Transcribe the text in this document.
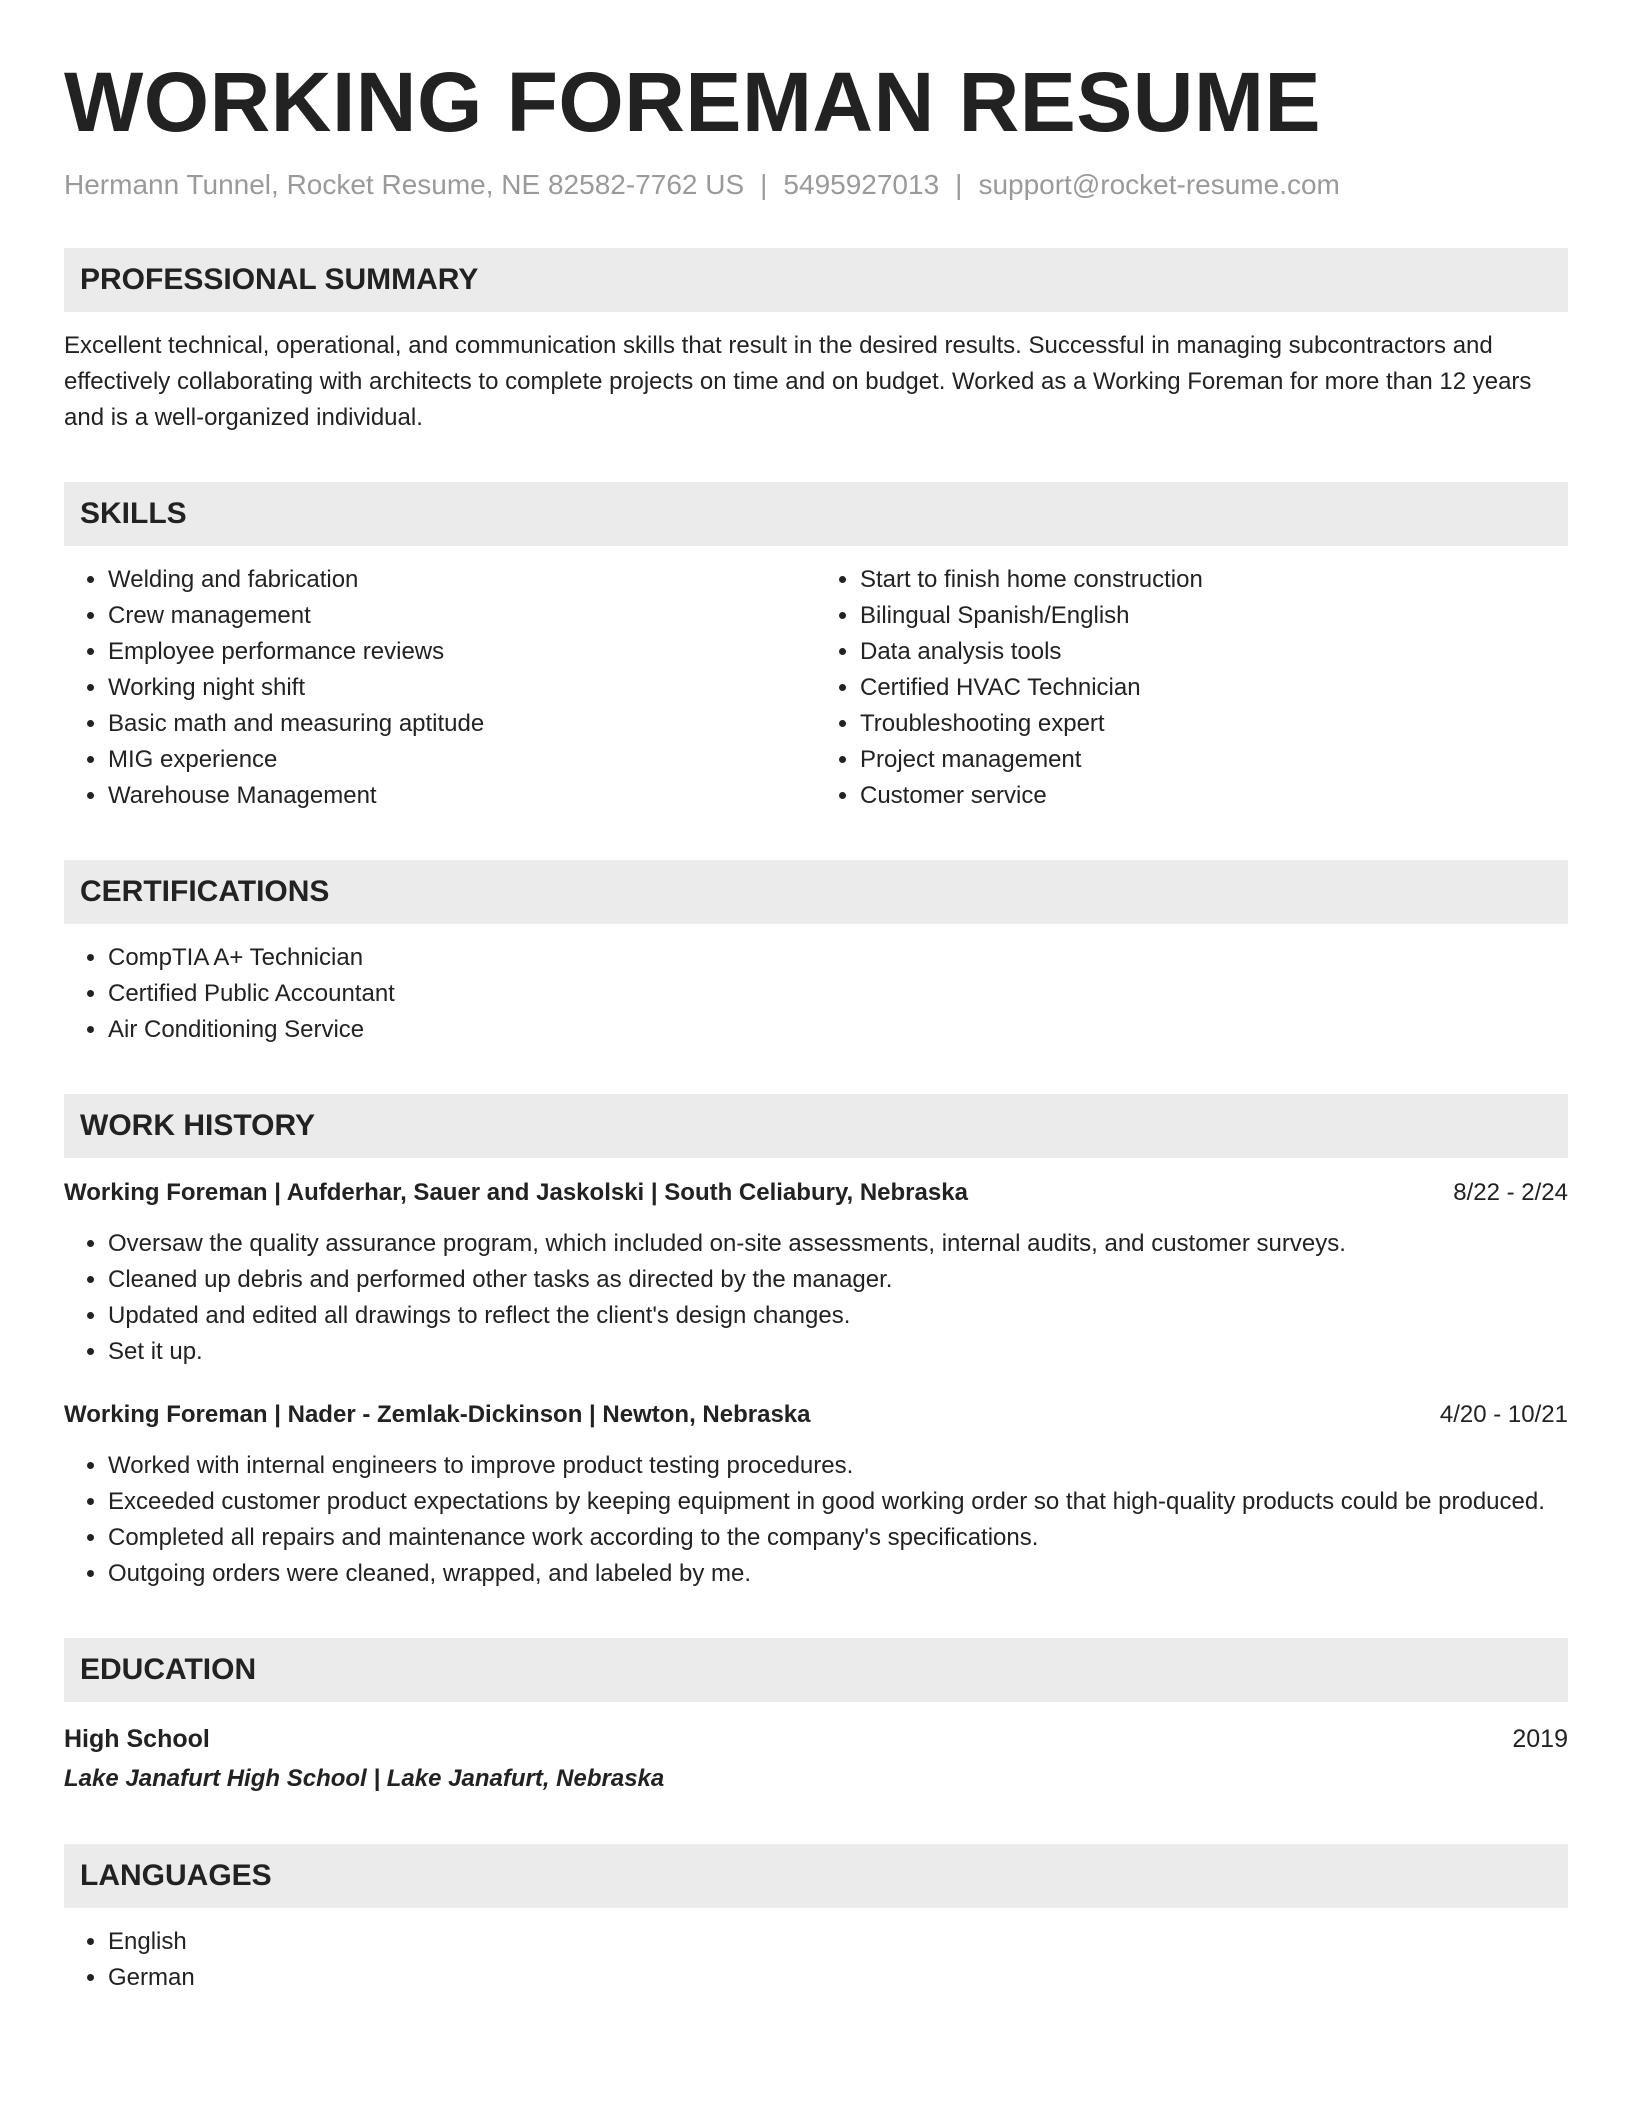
WORKING FOREMAN RESUME
Hermann Tunnel, Rocket Resume, NE 82582-7762 US | 5495927013 | support@rocket-resume.com
PROFESSIONAL SUMMARY

Excellent technical, operational, and communication skills that result in the desired results. Successful in managing subcontractors and effectively collaborating with architects to complete projects on time and on budget. Worked as a Working Foreman for more than 12 years and is a well-organized individual.

SKILLS
• Welding and fabrication
• Crew management
• Employee performance reviews
• Working night shift
• Basic math and measuring aptitude
• MIG experience
• Warehouse Management
• Start to finish home construction
• Bilingual Spanish/English
• Data analysis tools
• Certified HVAC Technician
• Troubleshooting expert
• Project management
• Customer service
CERTIFICATIONS
• CompTIA A+ Technician
• Certified Public Accountant
• Air Conditioning Service
WORK HISTORY
Working Foreman | Aufderhar, Sauer and Jaskolski | South Celiabury, Nebraska	8/22 - 2/24
• Oversaw the quality assurance program, which included on-site assessments, internal audits, and customer surveys.
• Cleaned up debris and performed other tasks as directed by the manager.
• Updated and edited all drawings to reflect the client's design changes.
• Set it up.
Working Foreman | Nader - Zemlak-Dickinson | Newton, Nebraska	4/20 - 10/21
• Worked with internal engineers to improve product testing procedures.
• Exceeded customer product expectations by keeping equipment in good working order so that high-quality products could be produced.
• Completed all repairs and maintenance work according to the company's specifications.
• Outgoing orders were cleaned, wrapped, and labeled by me.
EDUCATION
High School	2019
Lake Janafurt High School | Lake Janafurt, Nebraska
LANGUAGES
• English
• German
